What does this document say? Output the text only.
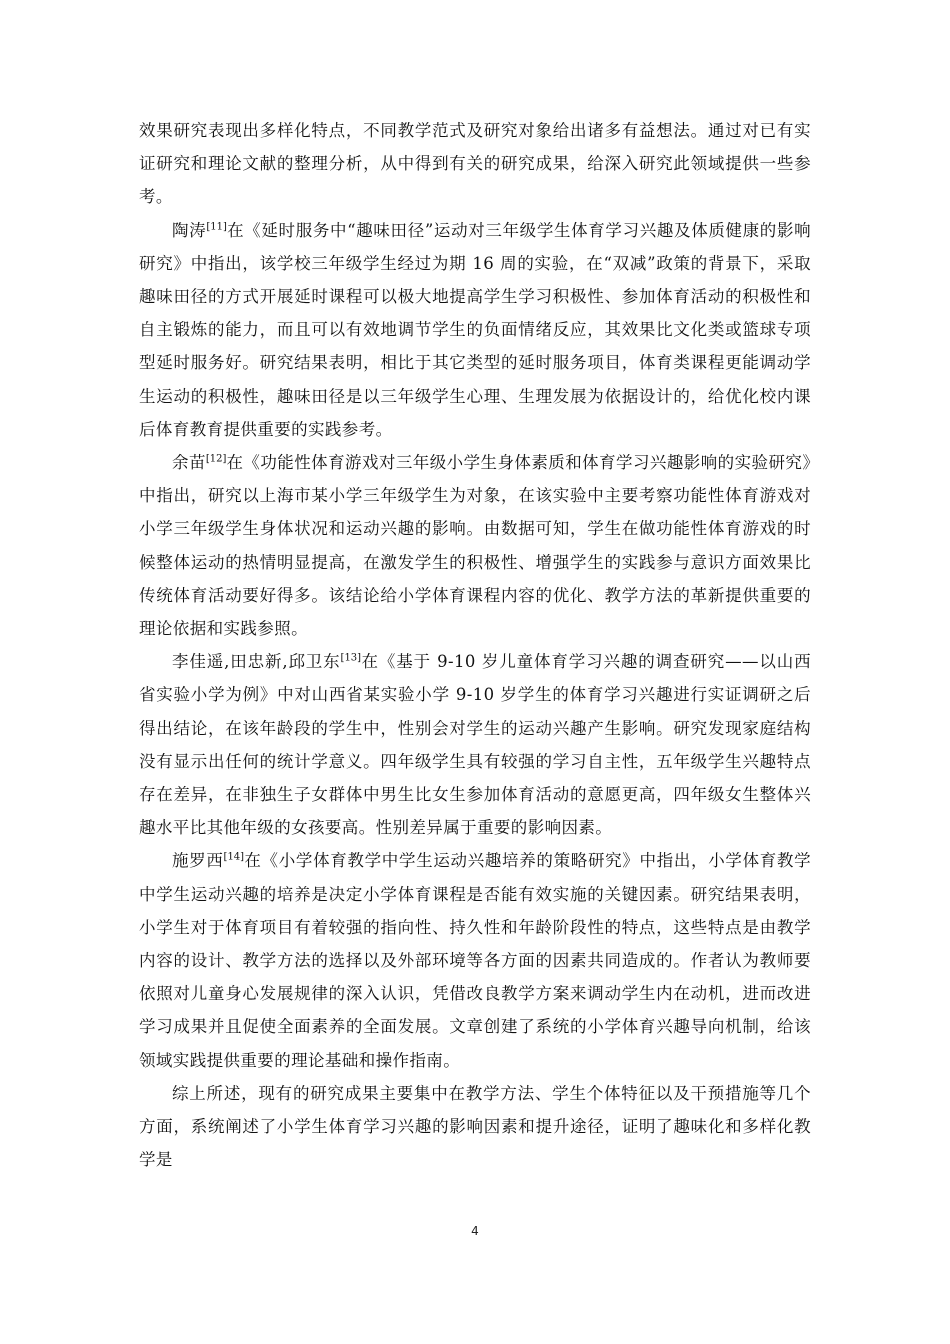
效果研究表现出多样化特点，不同教学范式及研究对象给出诸多有益想法。通过对已有实证研究和理论文献的整理分析，从中得到有关的研究成果，给深入研究此领域提供一些参考。

陶涛[11]在《延时服务中“趣味田径”运动对三年级学生体育学习兴趣及体质健康的影响研究》中指出，该学校三年级学生经过为期 16 周的实验，在“双减”政策的背景下，采取趣味田径的方式开展延时课程可以极大地提高学生学习积极性、参加体育活动的积极性和自主锻炼的能力，而且可以有效地调节学生的负面情绪反应，其效果比文化类或篮球专项型延时服务好。研究结果表明，相比于其它类型的延时服务项目，体育类课程更能调动学生运动的积极性，趣味田径是以三年级学生心理、生理发展为依据设计的，给优化校内课后体育教育提供重要的实践参考。

余苗[12]在《功能性体育游戏对三年级小学生身体素质和体育学习兴趣影响的实验研究》中指出，研究以上海市某小学三年级学生为对象，在该实验中主要考察功能性体育游戏对小学三年级学生身体状况和运动兴趣的影响。由数据可知，学生在做功能性体育游戏的时候整体运动的热情明显提高，在激发学生的积极性、增强学生的实践参与意识方面效果比传统体育活动要好得多。该结论给小学体育课程内容的优化、教学方法的革新提供重要的理论依据和实践参照。

李佳遥,田忠新,邱卫东[13]在《基于 9-10 岁儿童体育学习兴趣的调查研究——以山西省实验小学为例》中对山西省某实验小学 9-10 岁学生的体育学习兴趣进行实证调研之后得出结论，在该年龄段的学生中，性别会对学生的运动兴趣产生影响。研究发现家庭结构没有显示出任何的统计学意义。四年级学生具有较强的学习自主性，五年级学生兴趣特点存在差异，在非独生子女群体中男生比女生参加体育活动的意愿更高，四年级女生整体兴趣水平比其他年级的女孩要高。性别差异属于重要的影响因素。

施罗西[14]在《小学体育教学中学生运动兴趣培养的策略研究》中指出，小学体育教学中学生运动兴趣的培养是决定小学体育课程是否能有效实施的关键因素。研究结果表明，小学生对于体育项目有着较强的指向性、持久性和年龄阶段性的特点，这些特点是由教学内容的设计、教学方法的选择以及外部环境等各方面的因素共同造成的。作者认为教师要依照对儿童身心发展规律的深入认识，凭借改良教学方案来调动学生内在动机，进而改进学习成果并且促使全面素养的全面发展。文章创建了系统的小学体育兴趣导向机制，给该领域实践提供重要的理论基础和操作指南。

综上所述，现有的研究成果主要集中在教学方法、学生个体特征以及干预措施等几个方面，系统阐述了小学生体育学习兴趣的影响因素和提升途径，证明了趣味化和多样化教学是

4
